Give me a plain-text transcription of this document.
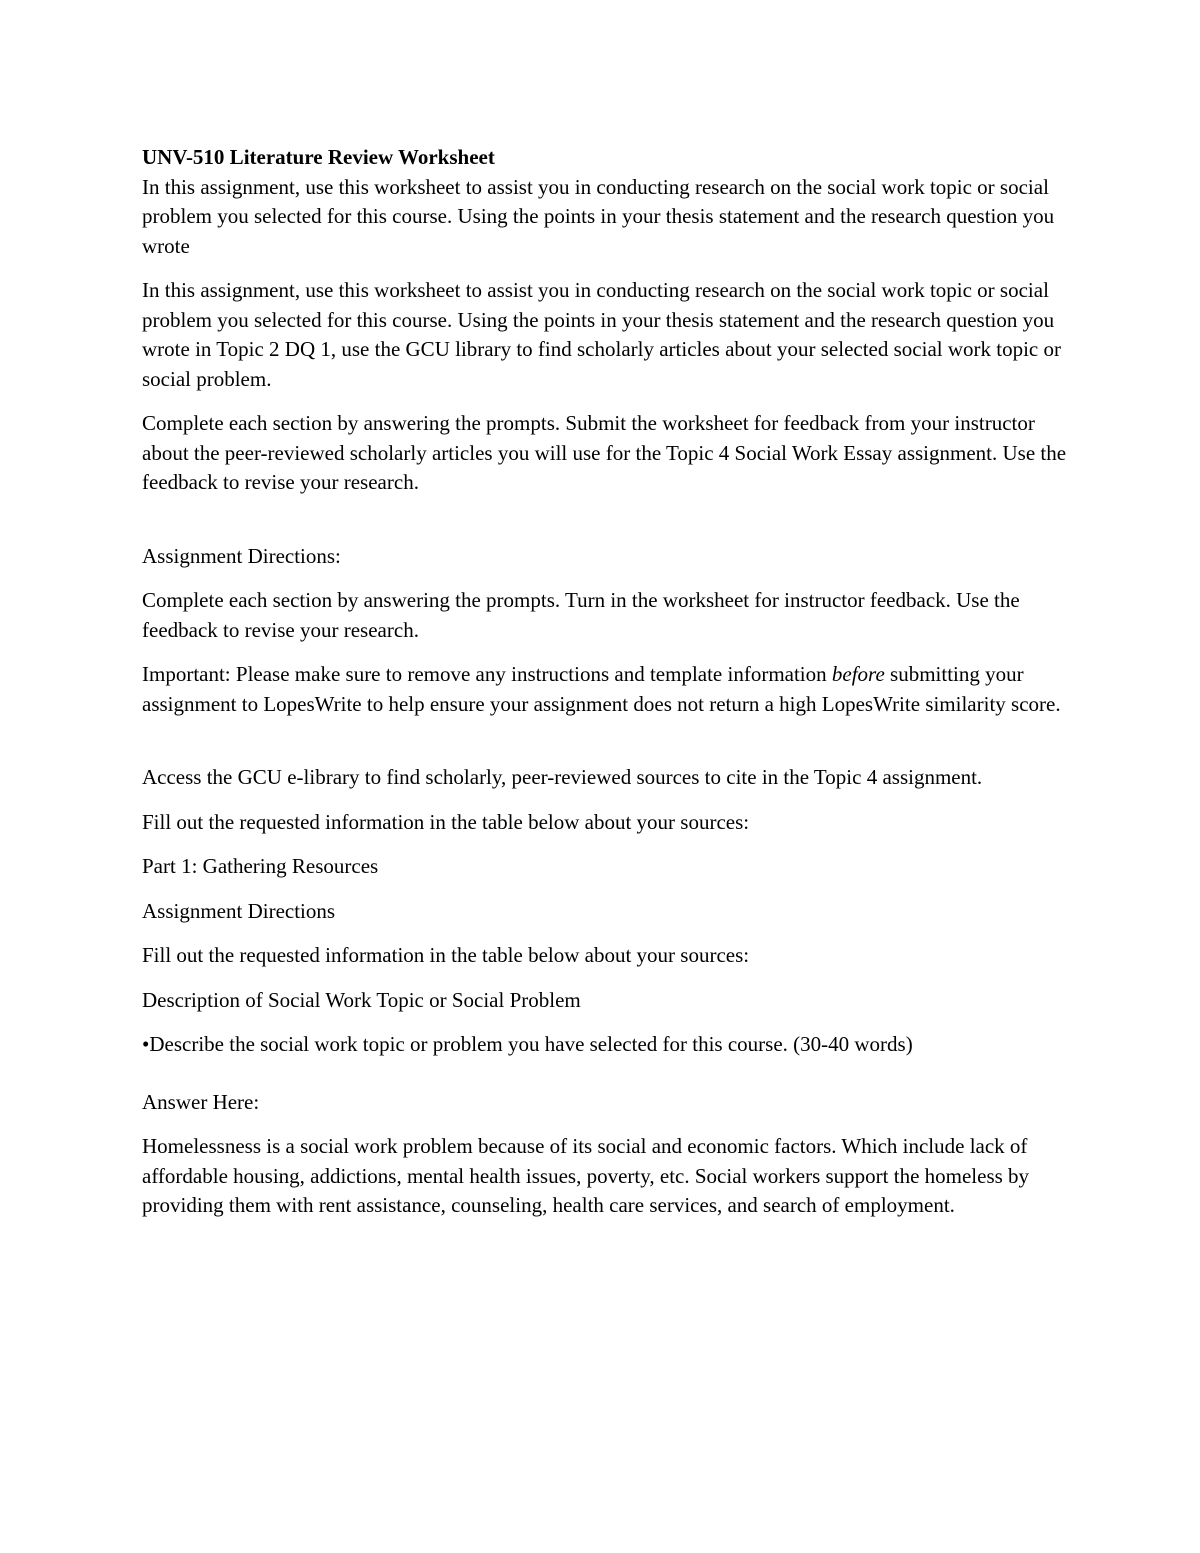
UNV-510 Literature Review Worksheet
In this assignment, use this worksheet to assist you in conducting research on the social work topic or social problem you selected for this course. Using the points in your thesis statement and the research question you wrote

In this assignment, use this worksheet to assist you in conducting research on the social work topic or social problem you selected for this course. Using the points in your thesis statement and the research question you wrote in Topic 2 DQ 1, use the GCU library to find scholarly articles about your selected social work topic or social problem.

Complete each section by answering the prompts. Submit the worksheet for feedback from your instructor about the peer-reviewed scholarly articles you will use for the Topic 4 Social Work Essay assignment. Use the feedback to revise your research.

Assignment Directions:

Complete each section by answering the prompts. Turn in the worksheet for instructor feedback. Use the feedback to revise your research.

Important: Please make sure to remove any instructions and template information before submitting your assignment to LopesWrite to help ensure your assignment does not return a high LopesWrite similarity score.

Access the GCU e-library to find scholarly, peer-reviewed sources to cite in the Topic 4 assignment.

Fill out the requested information in the table below about your sources:

Part 1: Gathering Resources

Assignment Directions

Fill out the requested information in the table below about your sources:

Description of Social Work Topic or Social Problem

•Describe the social work topic or problem you have selected for this course. (30-40 words)

Answer Here:

Homelessness is a social work problem because of its social and economic factors. Which include lack of affordable housing, addictions, mental health issues, poverty, etc. Social workers support the homeless by providing them with rent assistance, counseling, health care services, and search of employment.
